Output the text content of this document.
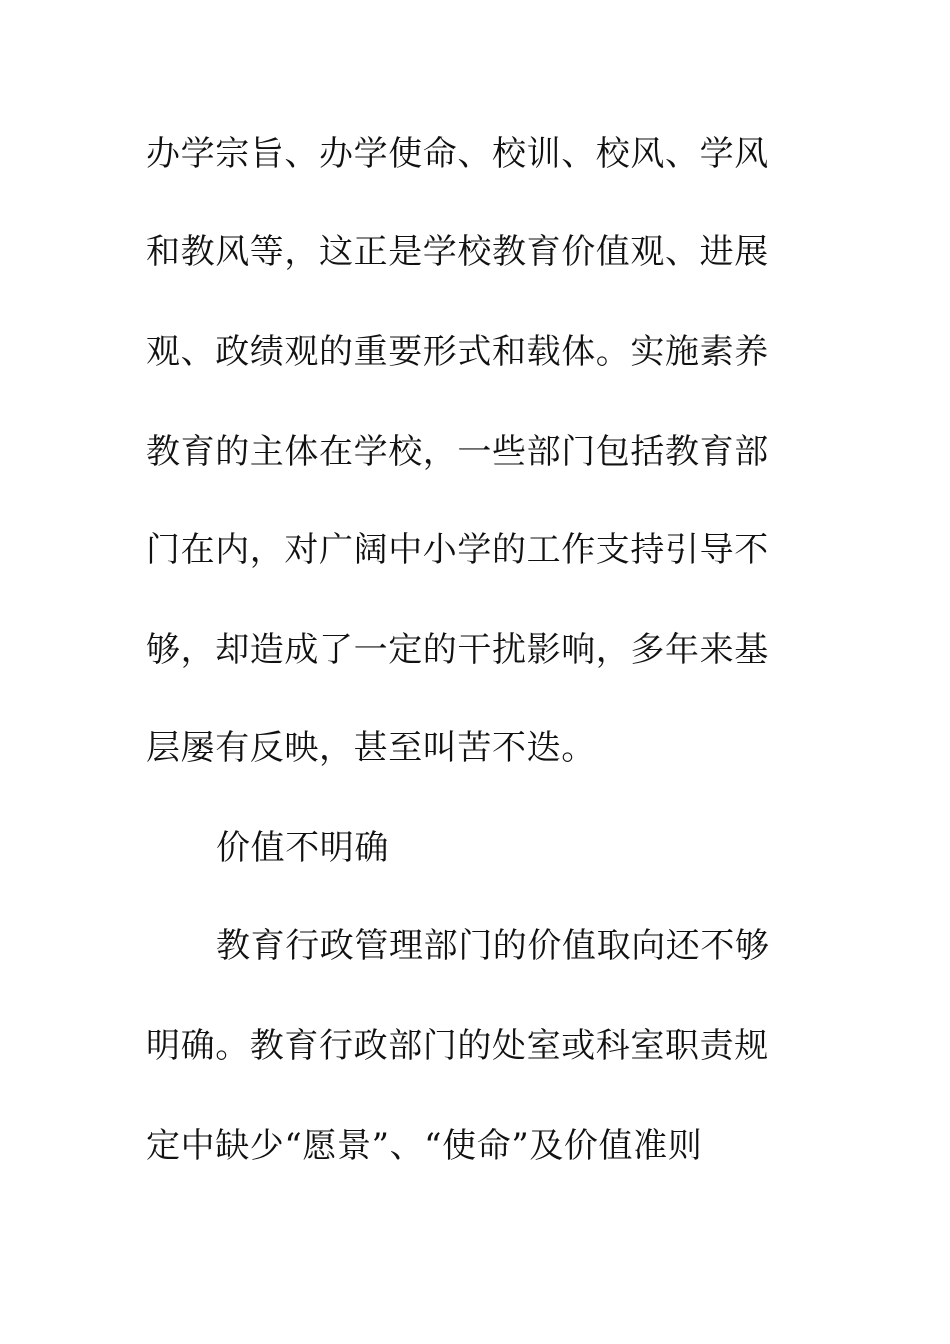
办学宗旨、办学使命、校训、校风、学风
和教风等，这正是学校教育价值观、进展
观、政绩观的重要形式和载体。实施素养
教育的主体在学校，一些部门包括教育部
门在内，对广阔中小学的工作支持引导不
够，却造成了一定的干扰影响，多年来基
层屡有反映，甚至叫苦不迭。
价值不明确
教育行政管理部门的价值取向还不够
明确。教育行政部门的处室或科室职责规
定中缺少“愿景”、“使命”及价值准则
